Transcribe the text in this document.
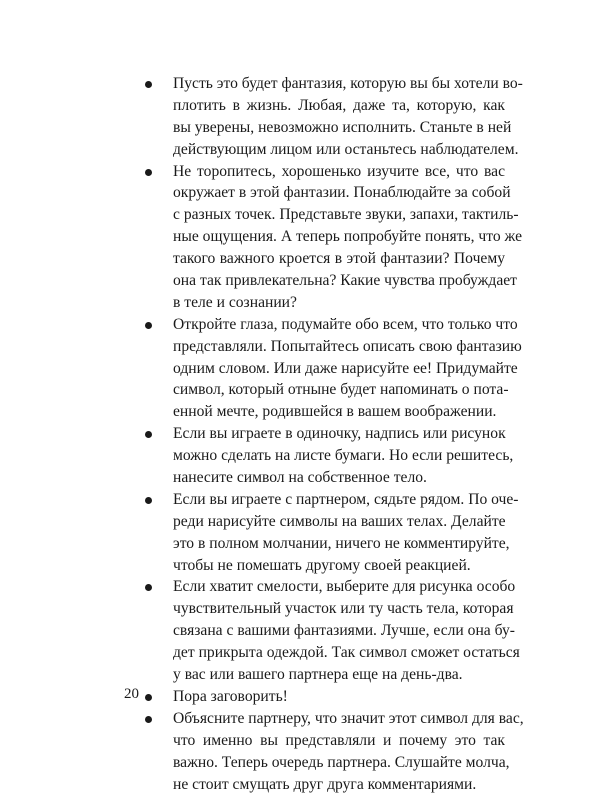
Пусть это будет фантазия, которую вы бы хотели во-
плотить в жизнь. Любая, даже та, которую, как
вы уверены, невозможно исполнить. Станьте в ней
действующим лицом или останьтесь наблюдателем.
Не торопитесь, хорошенько изучите все, что вас
окружает в этой фантазии. Понаблюдайте за собой
с разных точек. Представьте звуки, запахи, тактиль-
ные ощущения. А теперь попробуйте понять, что же
такого важного кроется в этой фантазии? Почему
она так привлекательна? Какие чувства пробуждает
в теле и сознании?
Откройте глаза, подумайте обо всем, что только что
представляли. Попытайтесь описать свою фантазию
одним словом. Или даже нарисуйте ее! Придумайте
символ, который отныне будет напоминать о пота-
енной мечте, родившейся в вашем воображении.
Если вы играете в одиночку, надпись или рисунок
можно сделать на листе бумаги. Но если решитесь,
нанесите символ на собственное тело.
Если вы играете с партнером, сядьте рядом. По оче-
реди нарисуйте символы на ваших телах. Делайте
это в полном молчании, ничего не комментируйте,
чтобы не помешать другому своей реакцией.
Если хватит смелости, выберите для рисунка особо
чувствительный участок или ту часть тела, которая
связана с вашими фантазиями. Лучше, если она бу-
дет прикрыта одеждой. Так символ сможет остаться
у вас или вашего партнера еще на день-два.
Пора заговорить!
Объясните партнеру, что значит этот символ для вас,
что именно вы представляли и почему это так
важно. Теперь очередь партнера. Слушайте молча,
не стоит смущать друг друга комментариями.
20
